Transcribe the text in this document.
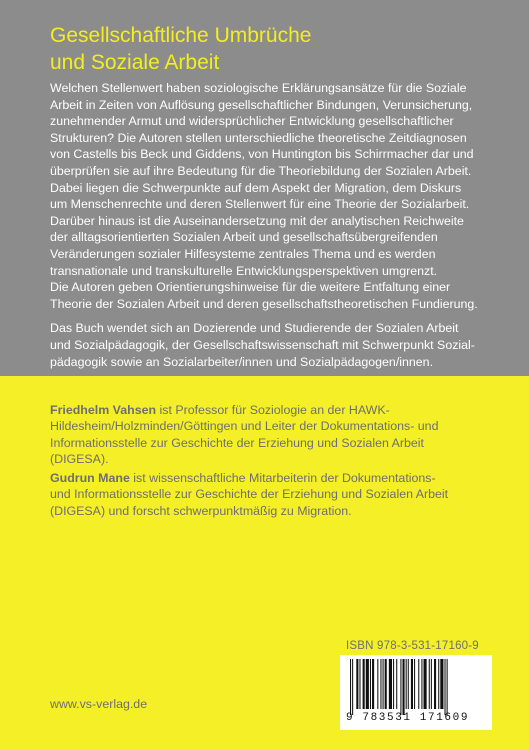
Gesellschaftliche Umbrüche
und Soziale Arbeit

Welchen Stellenwert haben soziologische Erklärungsansätze für die Soziale
Arbeit in Zeiten von Auflösung gesellschaftlicher Bindungen, Verunsicherung,
zunehmender Armut und widersprüchlicher Entwicklung gesellschaftlicher
Strukturen? Die Autoren stellen unterschiedliche theoretische Zeitdiagnosen
von Castells bis Beck und Giddens, von Huntington bis Schirrmacher dar und
überprüfen sie auf ihre Bedeutung für die Theoriebildung der Sozialen Arbeit.
Dabei liegen die Schwerpunkte auf dem Aspekt der Migration, dem Diskurs
um Menschenrechte und deren Stellenwert für eine Theorie der Sozialarbeit.
Darüber hinaus ist die Auseinandersetzung mit der analytischen Reichweite
der alltagsorientierten Sozialen Arbeit und gesellschaftsübergreifenden
Veränderungen sozialer Hilfesysteme zentrales Thema und es werden
transnationale und transkulturelle Entwicklungsperspektiven umgrenzt.
Die Autoren geben Orientierungshinweise für die weitere Entfaltung einer
Theorie der Sozialen Arbeit und deren gesellschaftstheoretischen Fundierung.

Das Buch wendet sich an Dozierende und Studierende der Sozialen Arbeit
und Sozialpädagogik, der Gesellschaftswissenschaft mit Schwerpunkt Sozial-
pädagogik sowie an Sozialarbeiter/innen und Sozialpädagogen/innen.

Friedhelm Vahsen ist Professor für Soziologie an der HAWK-
Hildesheim/Holzminden/Göttingen und Leiter der Dokumentations- und
Informationsstelle zur Geschichte der Erziehung und Sozialen Arbeit
(DIGESA).
Gudrun Mane ist wissenschaftliche Mitarbeiterin der Dokumentations-
und Informationsstelle zur Geschichte der Erziehung und Sozialen Arbeit
(DIGESA) und forscht schwerpunktmäßig zu Migration.
ISBN 978-3-531-17160-9
9 783531 171609
www.vs-verlag.de
